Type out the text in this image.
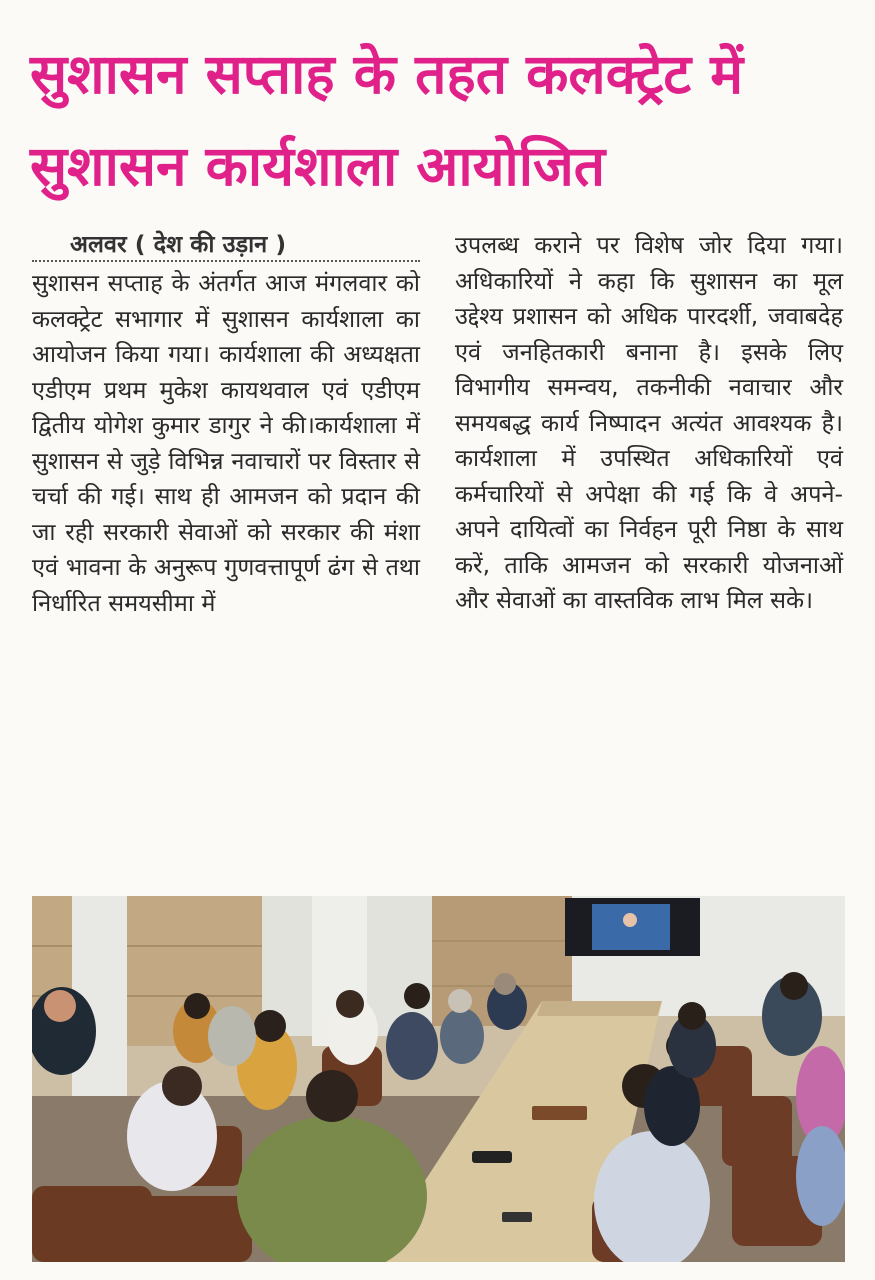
सुशासन सप्ताह के तहत कलक्ट्रेट में सुशासन कार्यशाला आयोजित
अलवर ( देश की उड़ान )
सुशासन सप्ताह के अंतर्गत आज मंगलवार को कलक्ट्रेट सभागार में सुशासन कार्यशाला का आयोजन किया गया। कार्यशाला की अध्यक्षता एडीएम प्रथम मुकेश कायथवाल एवं एडीएम द्वितीय योगेश कुमार डागुर ने की।कार्यशाला में सुशासन से जुड़े विभिन्न नवाचारों पर विस्तार से चर्चा की गई। साथ ही आमजन को प्रदान की जा रही सरकारी सेवाओं को सरकार की मंशा एवं भावना के अनुरूप गुणवत्तापूर्ण ढंग से तथा निर्धारित समयसीमा में
उपलब्ध कराने पर विशेष जोर दिया गया। अधिकारियों ने कहा कि सुशासन का मूल उद्देश्य प्रशासन को अधिक पारदर्शी, जवाबदेह एवं जनहितकारी बनाना है। इसके लिए विभागीय समन्वय, तकनीकी नवाचार और समयबद्ध कार्य निष्पादन अत्यंत आवश्यक है। कार्यशाला में उपस्थित अधिकारियों एवं कर्मचारियों से अपेक्षा की गई कि वे अपने-अपने दायित्वों का निर्वहन पूरी निष्ठा के साथ करें, ताकि आमजन को सरकारी योजनाओं और सेवाओं का वास्तविक लाभ मिल सके।
